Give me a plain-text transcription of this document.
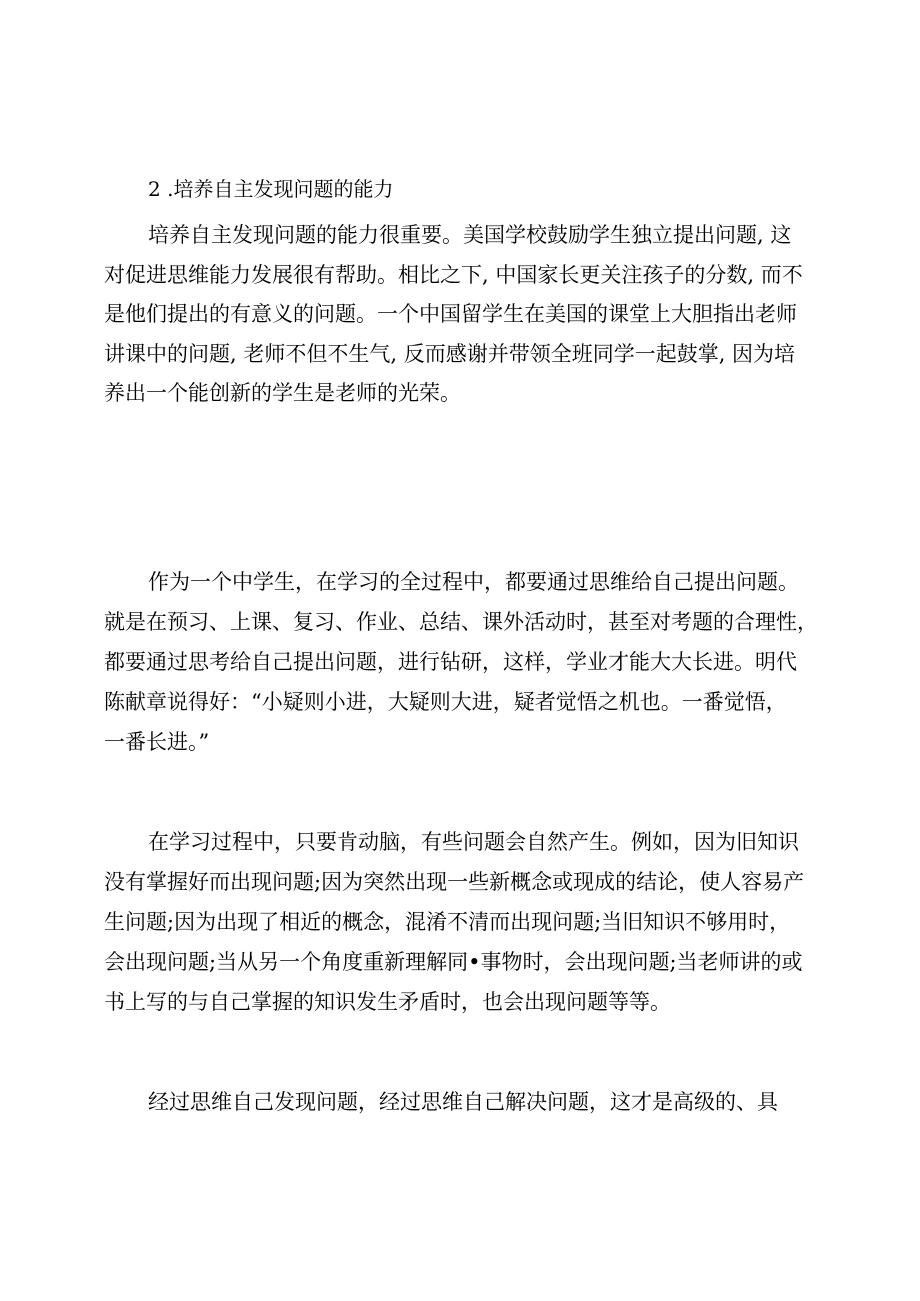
2 .培养自主发现问题的能力
培养自主发现问题的能力很重要。美国学校鼓励学生独立提出问题, 这
对促进思维能力发展很有帮助。相比之下, 中国家长更关注孩子的分数, 而不
是他们提出的有意义的问题。一个中国留学生在美国的课堂上大胆指出老师
讲课中的问题, 老师不但不生气, 反而感谢并带领全班同学一起鼓掌, 因为培
养出一个能创新的学生是老师的光荣。
作为一个中学生，在学习的全过程中，都要通过思维给自己提出问题。
就是在预习、上课、复习、作业、总结、课外活动时，甚至对考题的合理性，
都要通过思考给自己提出问题，进行钻研，这样，学业才能大大长进。明代
陈献章说得好：“小疑则小进，大疑则大进，疑者觉悟之机也。一番觉悟，
一番长进。”
在学习过程中，只要肯动脑，有些问题会自然产生。例如，因为旧知识
没有掌握好而出现问题;因为突然出现一些新概念或现成的结论，使人容易产
生问题;因为出现了相近的概念，混淆不清而出现问题;当旧知识不够用时，
会出现问题;当从另一个角度重新理解同•事物时，会出现问题;当老师讲的或
书上写的与自己掌握的知识发生矛盾时，也会出现问题等等。
经过思维自己发现问题，经过思维自己解决问题，这才是高级的、具
